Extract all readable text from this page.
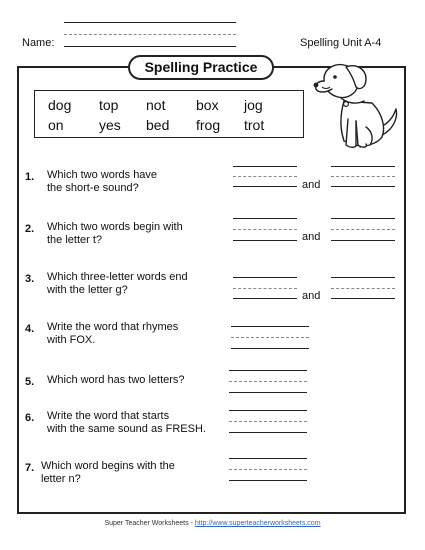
Name:	Spelling Unit A-4
Spelling Practice
dog top not box jog
on	yes bed frog trot
1. Which two words have
the short-e sound?	and
2. Which two words begin with
the letter t?	and
3. Which three-letter words end
with the letter g?	and
4. Write the word that rhymes
with FOX.
5. Which word has two letters?
6. Write the word that starts
with the same sound as FRESH.
7. Which word begins with the
letter n?
Super Teacher Worksheets - http://www.superteacherworksheets.com
